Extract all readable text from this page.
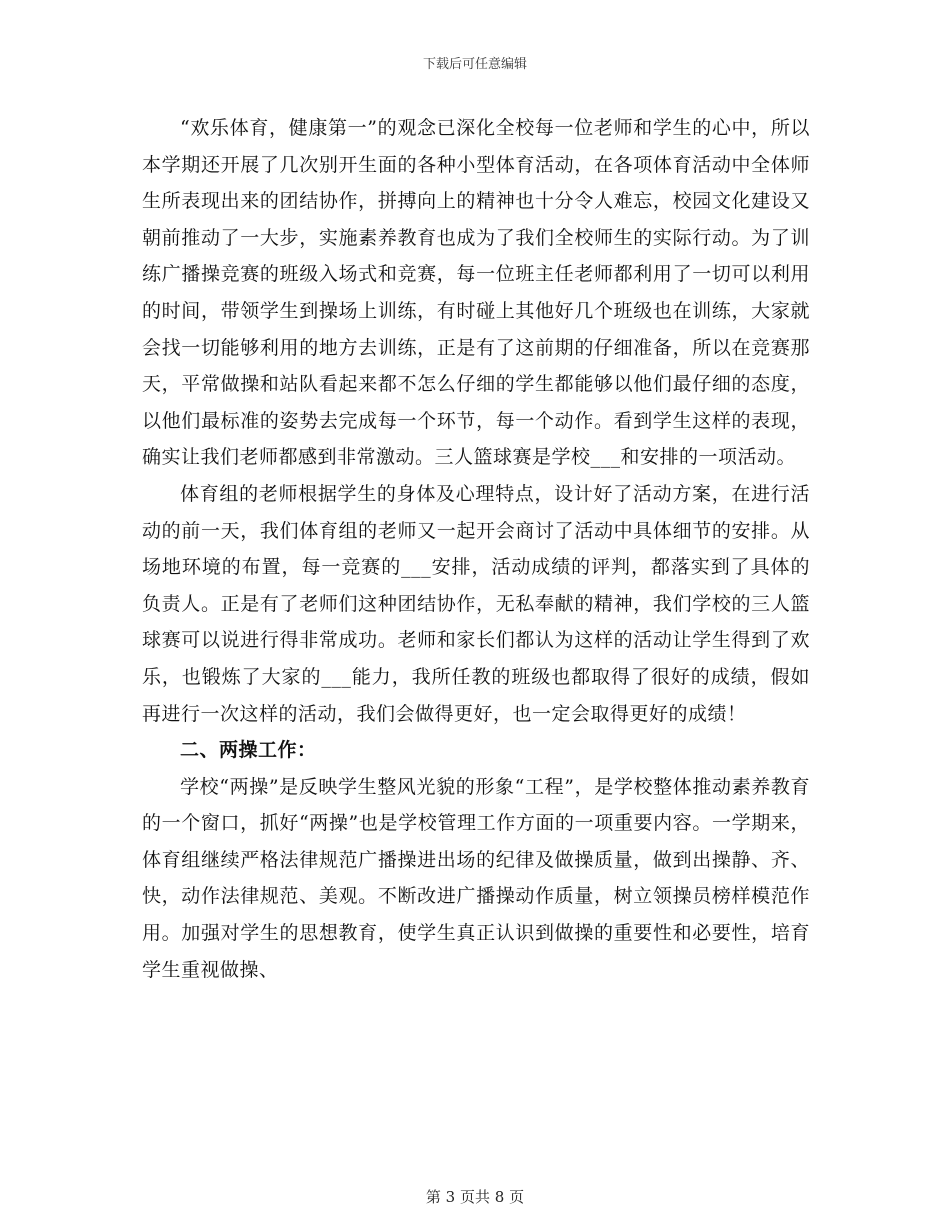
下载后可任意编辑

“欢乐体育，健康第一”的观念已深化全校每一位老师和学生的心中，所以本学期还开展了几次别开生面的各种小型体育活动，在各项体育活动中全体师生所表现出来的团结协作，拼搏向上的精神也十分令人难忘，校园文化建设又朝前推动了一大步，实施素养教育也成为了我们全校师生的实际行动。为了训练广播操竞赛的班级入场式和竞赛，每一位班主任老师都利用了一切可以利用的时间，带领学生到操场上训练，有时碰上其他好几个班级也在训练，大家就会找一切能够利用的地方去训练，正是有了这前期的仔细准备，所以在竞赛那天，平常做操和站队看起来都不怎么仔细的学生都能够以他们最仔细的态度，以他们最标准的姿势去完成每一个环节，每一个动作。看到学生这样的表现，确实让我们老师都感到非常激动。三人篮球赛是学校___和安排的一项活动。

体育组的老师根据学生的身体及心理特点，设计好了活动方案，在进行活动的前一天，我们体育组的老师又一起开会商讨了活动中具体细节的安排。从场地环境的布置，每一竞赛的___安排，活动成绩的评判，都落实到了具体的负责人。正是有了老师们这种团结协作，无私奉献的精神，我们学校的三人篮球赛可以说进行得非常成功。老师和家长们都认为这样的活动让学生得到了欢乐，也锻炼了大家的___能力，我所任教的班级也都取得了很好的成绩，假如再进行一次这样的活动，我们会做得更好，也一定会取得更好的成绩！

二、两操工作：

学校“两操”是反映学生整风光貌的形象“工程”，是学校整体推动素养教育的一个窗口，抓好“两操”也是学校管理工作方面的一项重要内容。一学期来，体育组继续严格法律规范广播操进出场的纪律及做操质量，做到出操静、齐、快，动作法律规范、美观。不断改进广播操动作质量，树立领操员榜样模范作用。加强对学生的思想教育，使学生真正认识到做操的重要性和必要性，培育学生重视做操、

第 3 页共 8 页
